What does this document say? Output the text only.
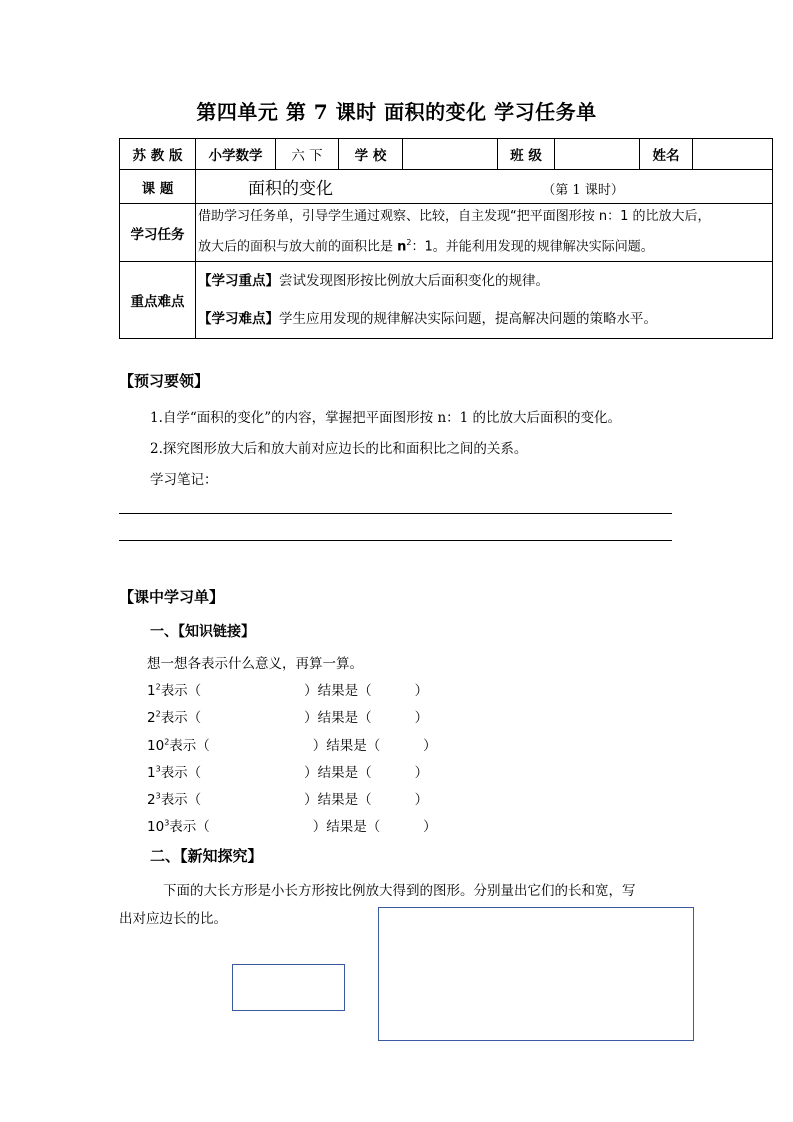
第四单元 第 7 课时 面积的变化 学习任务单
苏 教 版	小学数学	六 下	学 校		班 级		姓名	
课 题	面积的变化 （第 1 课时）							
学习任务	借助学习任务单，引导学生通过观察、比较，自主发现“把平面图形按 n：1 的比放大后，
放大后的面积与放大前的面积比是 $n^2$：1。并能利用发现的规律解决实际问题。							

重点难点	【学习重点】尝试发现图形按比例放大后面积变化的规律。
【学习难点】学生应用发现的规律解决实际问题，提高解决问题的策略水平。							
【预习要领】
1.自学“面积的变化”的内容，掌握把平面图形按 n：1 的比放大后面积的变化。
2.探究图形放大后和放大前对应边长的比和面积比之间的关系。
学习笔记：
【课中学习单】
一、【知识链接】
想一想各表示什么意义，再算一算。
$1^2$表示（                        ）结果是（          ）
$2^2$表示（                        ）结果是（          ）
$10^2$表示（                        ）结果是（          ）
$1^3$表示（                        ）结果是（          ）
$2^3$表示（                        ）结果是（          ）
$10^3$表示（                        ）结果是（          ）
二、【新知探究】
下面的大长方形是小长方形按比例放大得到的图形。分别量出它们的长和宽，写
出对应边长的比。
